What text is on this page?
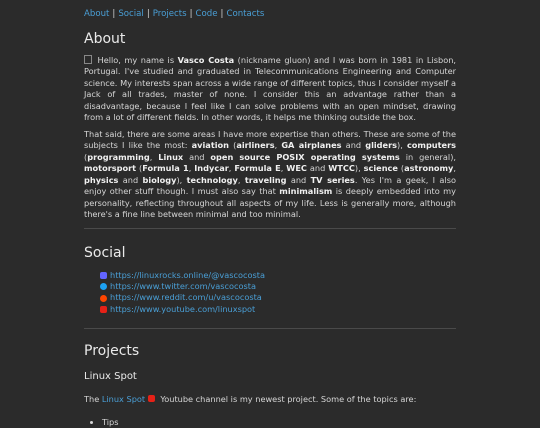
About | Social | Projects | Code | Contacts
About

Hello, my name is Vasco Costa (nickname gluon) and I was born in 1981 in Lisbon, Portugal. I've studied and graduated in Telecommunications Engineering and Computer science. My interests span across a wide range of different topics, thus I consider myself a Jack of all trades, master of none. I consider this an advantage rather than a disadvantage, because I feel like I can solve problems with an open mindset, drawing from a lot of different fields. In other words, it helps me thinking outside the box.

That said, there are some areas I have more expertise than others. These are some of the subjects I like the most: aviation (airliners, GA airplanes and gliders), computers (programming, Linux and open source POSIX operating systems in general), motorsport (Formula 1, Indycar, Formula E, WEC and WTCC), science (astronomy, physics and biology), technology, traveling and TV series. Yes I'm a geek, I also enjoy other stuff though. I must also say that minimalism is deeply embedded into my personality, reflecting throughout all aspects of my life. Less is generally more, although there's a fine line between minimal and too minimal.

Social
https://linuxrocks.online/@vascocosta
https://www.twitter.com/vascocosta
https://www.reddit.com/u/vascocosta
https://www.youtube.com/linuxspot
Projects
Linux Spot

The Linux Spot  Youtube channel is my newest project. Some of the topics are:

• Tips
